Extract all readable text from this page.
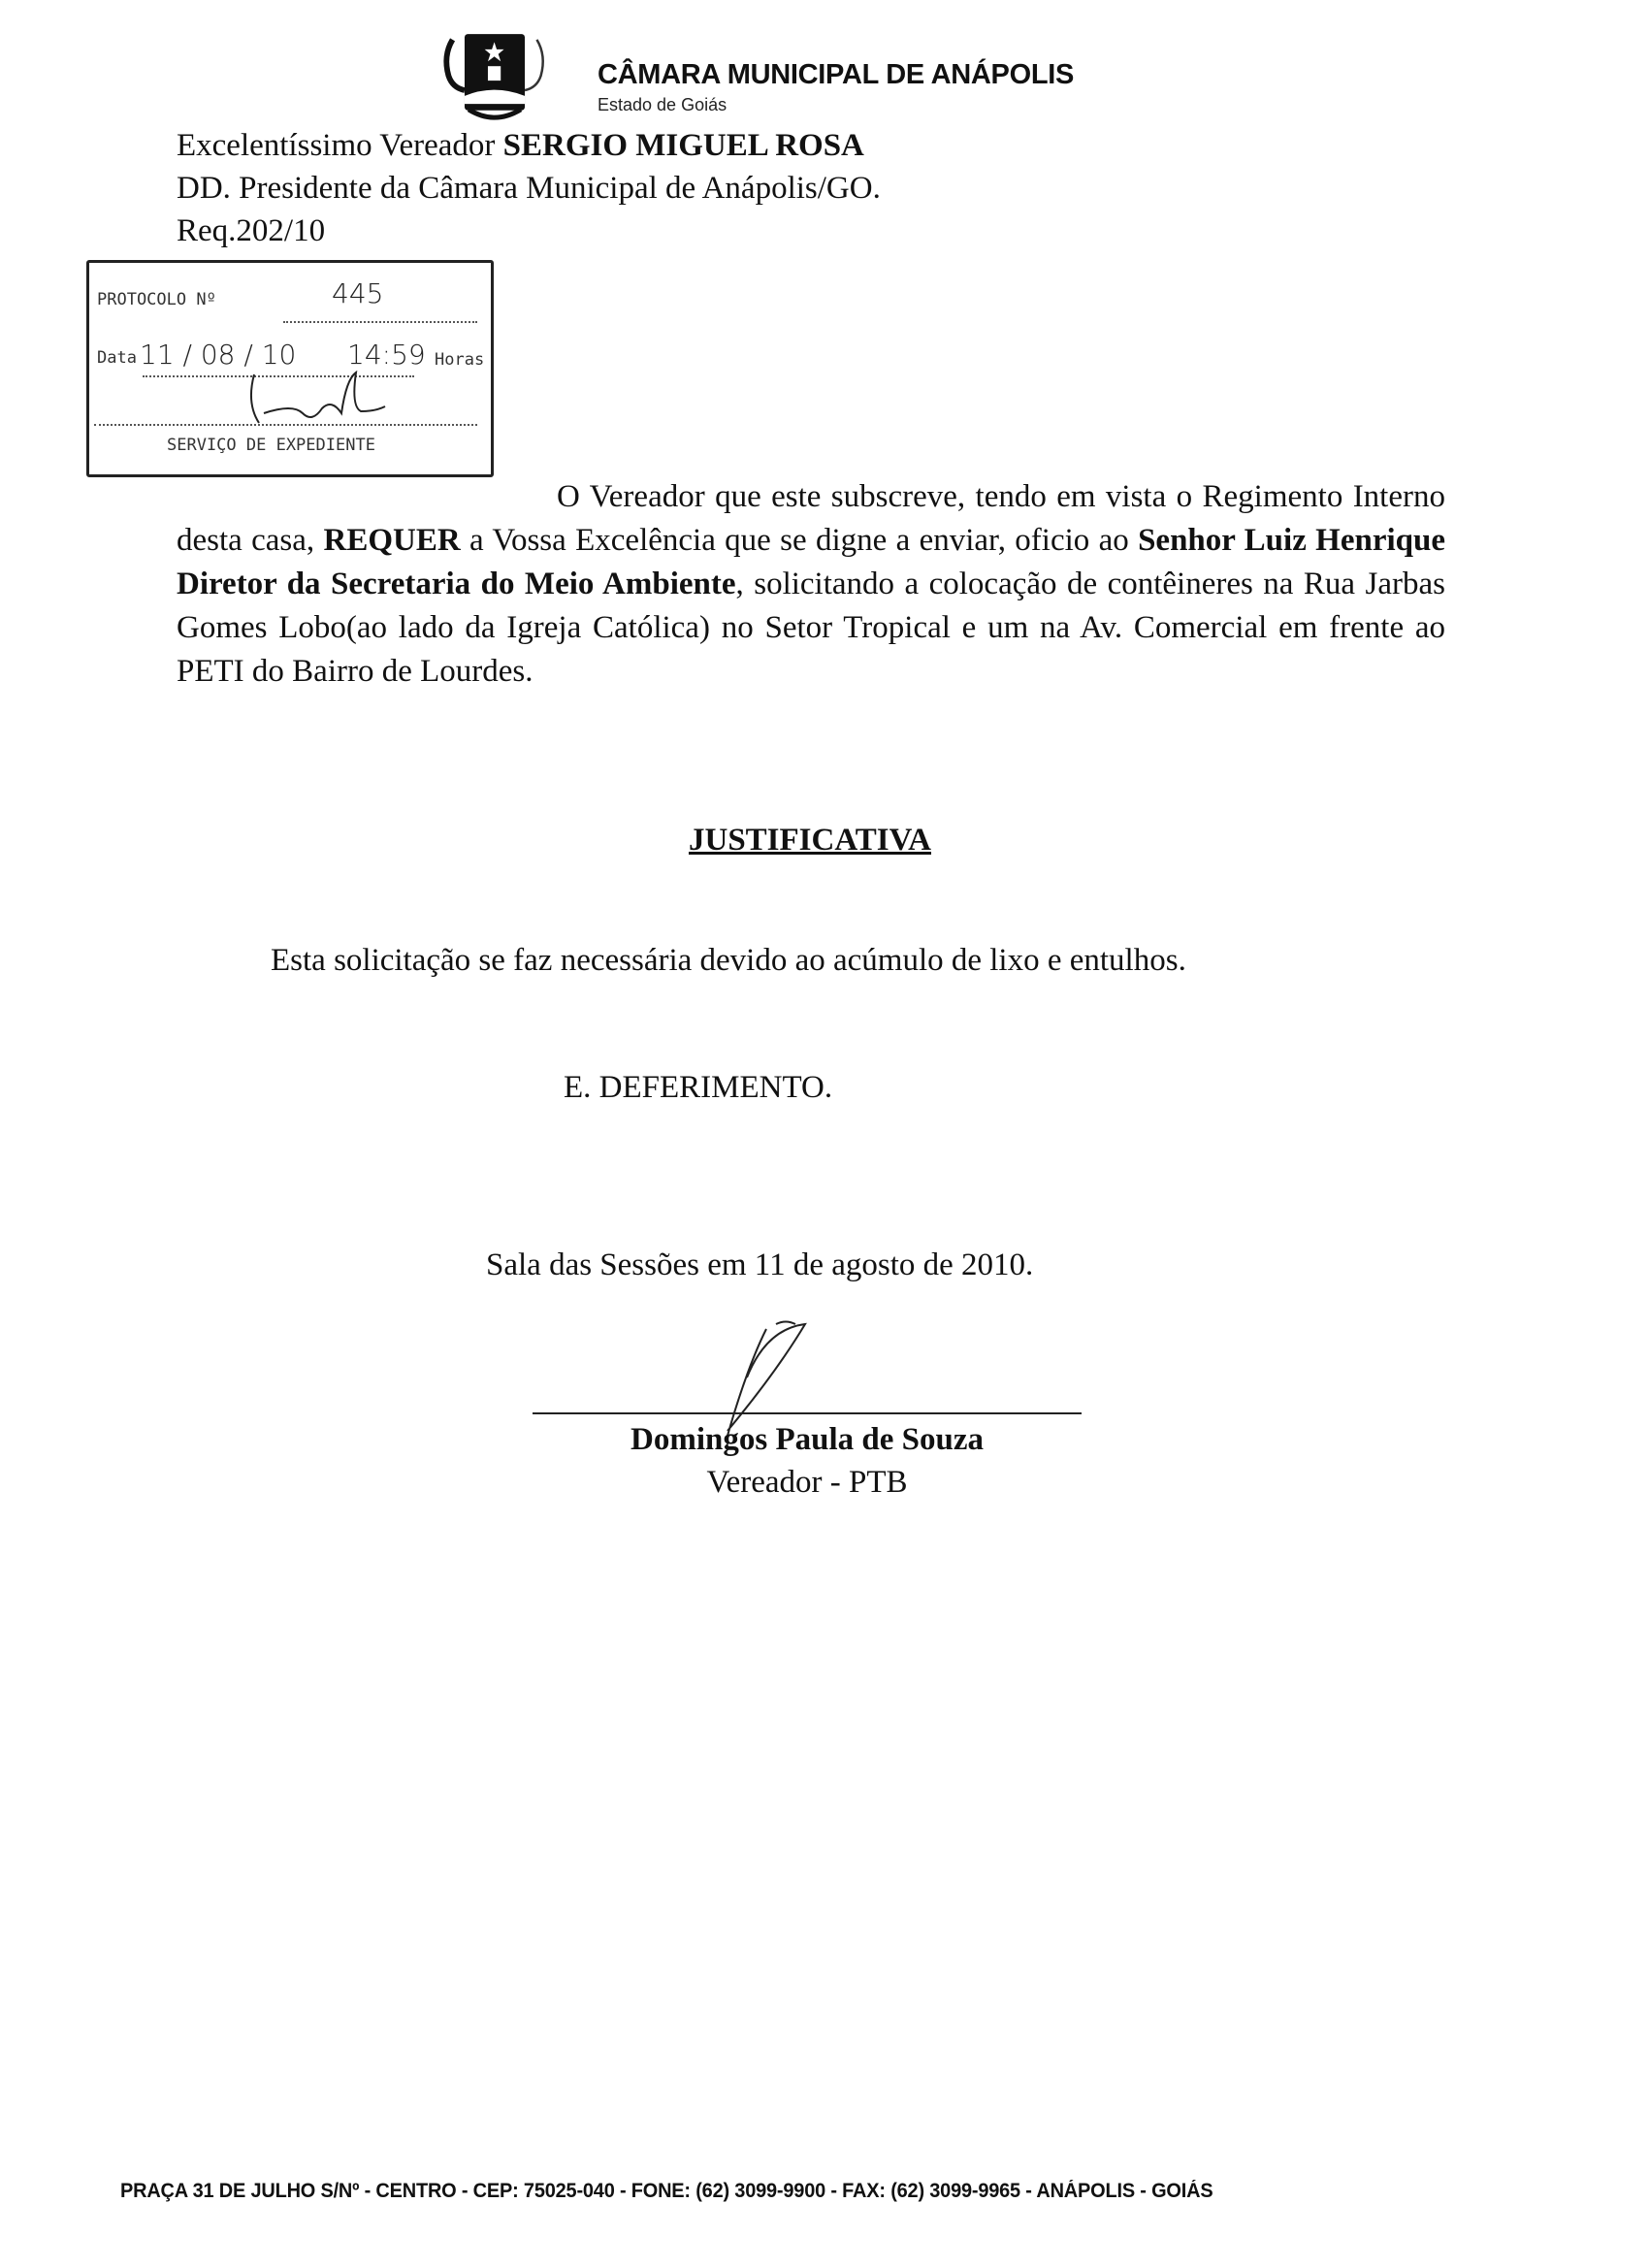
CÂMARA MUNICIPAL DE ANÁPOLIS
Estado de Goiás
Excelentíssimo Vereador SERGIO MIGUEL ROSA
DD. Presidente da Câmara Municipal de Anápolis/GO.
Req.202/10
PROTOCOLO Nº	445
Data 11 / 08 / 10 14:59 Horas
SERVIÇO DE EXPEDIENTE
O Vereador que este subscreve, tendo em vista o Regimento Interno desta casa, REQUER a Vossa Excelência que se digne a enviar, oficio ao Senhor Luiz Henrique Diretor da Secretaria do Meio Ambiente, solicitando a colocação de contêineres na Rua Jarbas Gomes Lobo(ao lado da Igreja Católica) no Setor Tropical e um na Av. Comercial em frente ao PETI do Bairro de Lourdes.
JUSTIFICATIVA
Esta solicitação se faz necessária devido ao acúmulo de lixo e entulhos.
E. DEFERIMENTO.
Sala das Sessões em 11 de agosto de 2010.
Domingos Paula de Souza
Vereador - PTB
PRAÇA 31 DE JULHO S/Nº - CENTRO - CEP: 75025-040 - FONE: (62) 3099-9900 - FAX: (62) 3099-9965 - ANÁPOLIS - GOIÁS
